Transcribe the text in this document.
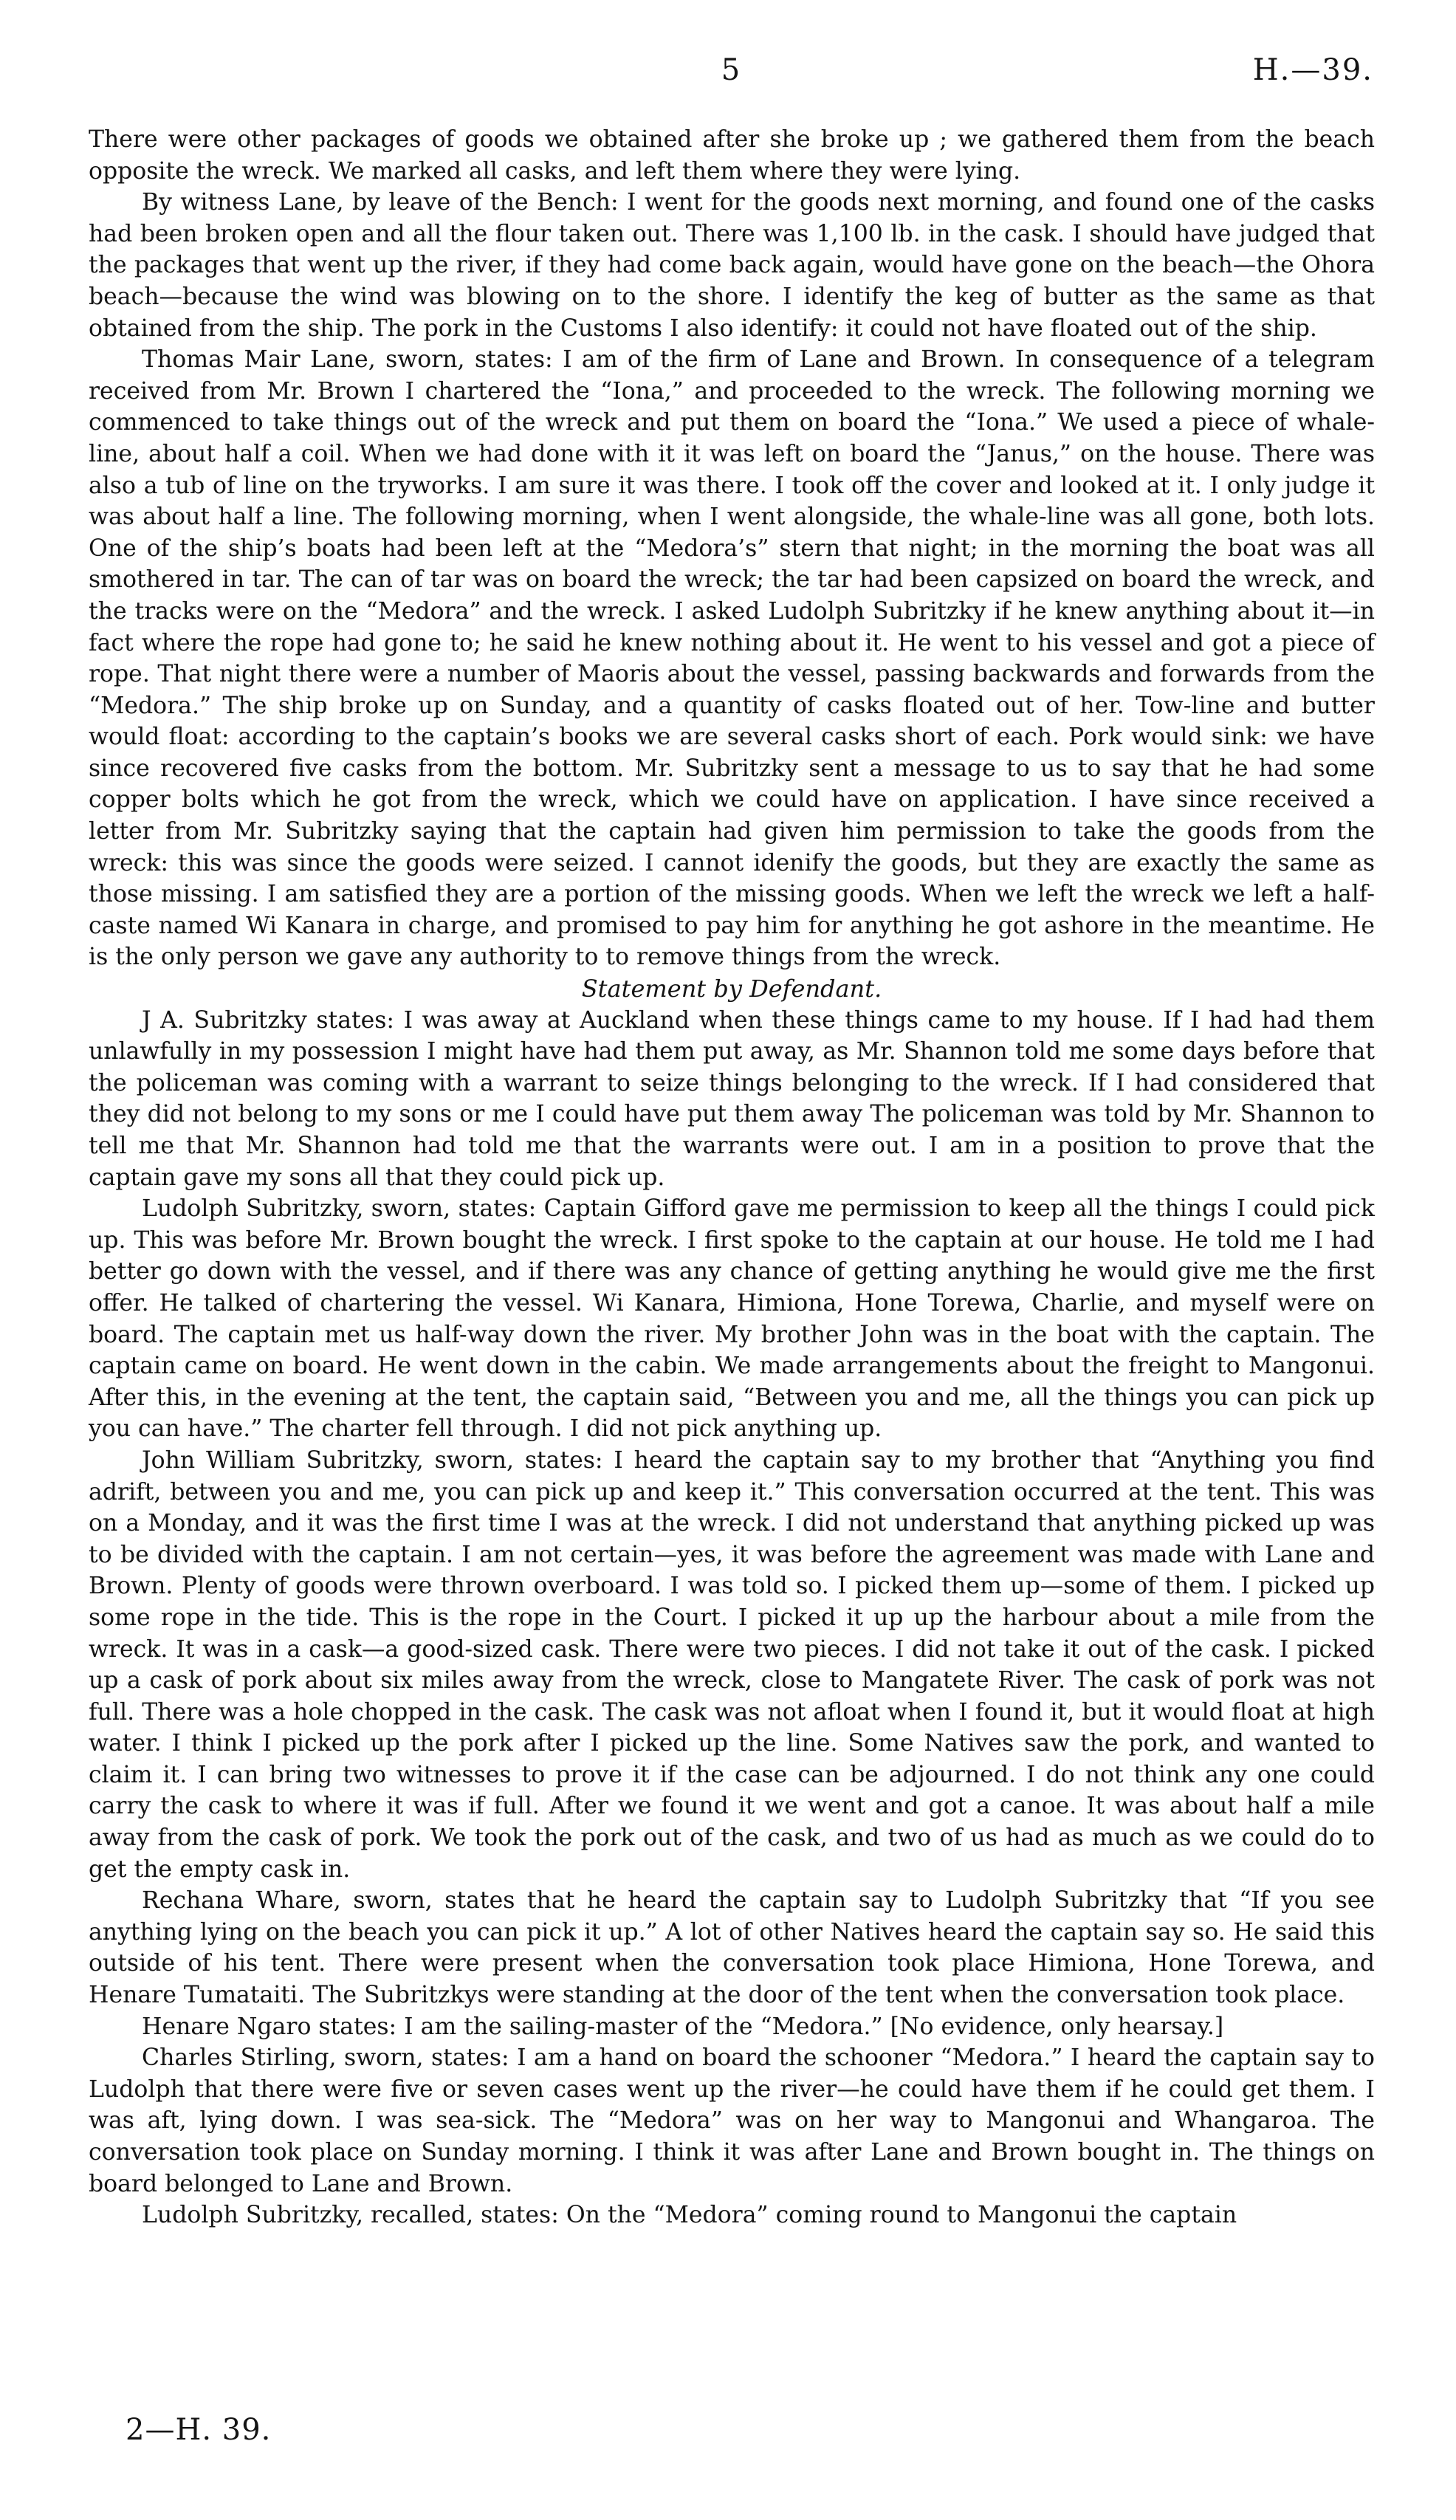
5	H.—39.

There were other packages of goods we obtained after she broke up ; we gathered them from the beach opposite the wreck. We marked all casks, and left them where they were lying.

By witness Lane, by leave of the Bench: I went for the goods next morning, and found one of the casks had been broken open and all the flour taken out. There was 1,100 lb. in the cask. I should have judged that the packages that went up the river, if they had come back again, would have gone on the beach—the Ohora beach—because the wind was blowing on to the shore. I identify the keg of butter as the same as that obtained from the ship. The pork in the Customs I also identify: it could not have floated out of the ship.

Thomas Mair Lane, sworn, states: I am of the firm of Lane and Brown. In consequence of a telegram received from Mr. Brown I chartered the “Iona,” and proceeded to the wreck. The following morning we commenced to take things out of the wreck and put them on board the “Iona.” We used a piece of whale-line, about half a coil. When we had done with it it was left on board the “Janus,” on the house. There was also a tub of line on the tryworks. I am sure it was there. I took off the cover and looked at it. I only judge it was about half a line. The following morning, when I went alongside, the whale-line was all gone, both lots. One of the ship’s boats had been left at the “Medora’s” stern that night; in the morning the boat was all smothered in tar. The can of tar was on board the wreck; the tar had been capsized on board the wreck, and the tracks were on the “Medora” and the wreck. I asked Ludolph Subritzky if he knew anything about it—in fact where the rope had gone to; he said he knew nothing about it. He went to his vessel and got a piece of rope. That night there were a number of Maoris about the vessel, passing backwards and forwards from the “Medora.” The ship broke up on Sunday, and a quantity of casks floated out of her. Tow-line and butter would float: according to the captain’s books we are several casks short of each. Pork would sink: we have since recovered five casks from the bottom. Mr. Subritzky sent a message to us to say that he had some copper bolts which he got from the wreck, which we could have on application. I have since received a letter from Mr. Subritzky saying that the captain had given him permission to take the goods from the wreck: this was since the goods were seized. I cannot idenify the goods, but they are exactly the same as those missing. I am satisfied they are a portion of the missing goods. When we left the wreck we left a half-caste named Wi Kanara in charge, and promised to pay him for anything he got ashore in the meantime. He is the only person we gave any authority to to remove things from the wreck.

Statement by Defendant.

J A. Subritzky states: I was away at Auckland when these things came to my house. If I had had them unlawfully in my possession I might have had them put away, as Mr. Shannon told me some days before that the policeman was coming with a warrant to seize things belonging to the wreck. If I had considered that they did not belong to my sons or me I could have put them away The policeman was told by Mr. Shannon to tell me that Mr. Shannon had told me that the warrants were out. I am in a position to prove that the captain gave my sons all that they could pick up.

Ludolph Subritzky, sworn, states: Captain Gifford gave me permission to keep all the things I could pick up. This was before Mr. Brown bought the wreck. I first spoke to the captain at our house. He told me I had better go down with the vessel, and if there was any chance of getting anything he would give me the first offer. He talked of chartering the vessel. Wi Kanara, Himiona, Hone Torewa, Charlie, and myself were on board. The captain met us half-way down the river. My brother John was in the boat with the captain. The captain came on board. He went down in the cabin. We made arrangements about the freight to Mangonui. After this, in the evening at the tent, the captain said, “Between you and me, all the things you can pick up you can have.” The charter fell through. I did not pick anything up.

John William Subritzky, sworn, states: I heard the captain say to my brother that “Anything you find adrift, between you and me, you can pick up and keep it.” This conversation occurred at the tent. This was on a Monday, and it was the first time I was at the wreck. I did not understand that anything picked up was to be divided with the captain. I am not certain—yes, it was before the agreement was made with Lane and Brown. Plenty of goods were thrown overboard. I was told so. I picked them up—some of them. I picked up some rope in the tide. This is the rope in the Court. I picked it up up the harbour about a mile from the wreck. It was in a cask—a good-sized cask. There were two pieces. I did not take it out of the cask. I picked up a cask of pork about six miles away from the wreck, close to Mangatete River. The cask of pork was not full. There was a hole chopped in the cask. The cask was not afloat when I found it, but it would float at high water. I think I picked up the pork after I picked up the line. Some Natives saw the pork, and wanted to claim it. I can bring two witnesses to prove it if the case can be adjourned. I do not think any one could carry the cask to where it was if full. After we found it we went and got a canoe. It was about half a mile away from the cask of pork. We took the pork out of the cask, and two of us had as much as we could do to get the empty cask in.

Rechana Whare, sworn, states that he heard the captain say to Ludolph Subritzky that “If you see anything lying on the beach you can pick it up.” A lot of other Natives heard the captain say so. He said this outside of his tent. There were present when the conversation took place Himiona, Hone Torewa, and Henare Tumataiti. The Subritzkys were standing at the door of the tent when the conversation took place.

Henare Ngaro states: I am the sailing-master of the “Medora.” [No evidence, only hearsay.]

Charles Stirling, sworn, states: I am a hand on board the schooner “Medora.” I heard the captain say to Ludolph that there were five or seven cases went up the river—he could have them if he could get them. I was aft, lying down. I was sea-sick. The “Medora” was on her way to Mangonui and Whangaroa. The conversation took place on Sunday morning. I think it was after Lane and Brown bought in. The things on board belonged to Lane and Brown.

Ludolph Subritzky, recalled, states: On the “Medora” coming round to Mangonui the captain

2—H. 39.
